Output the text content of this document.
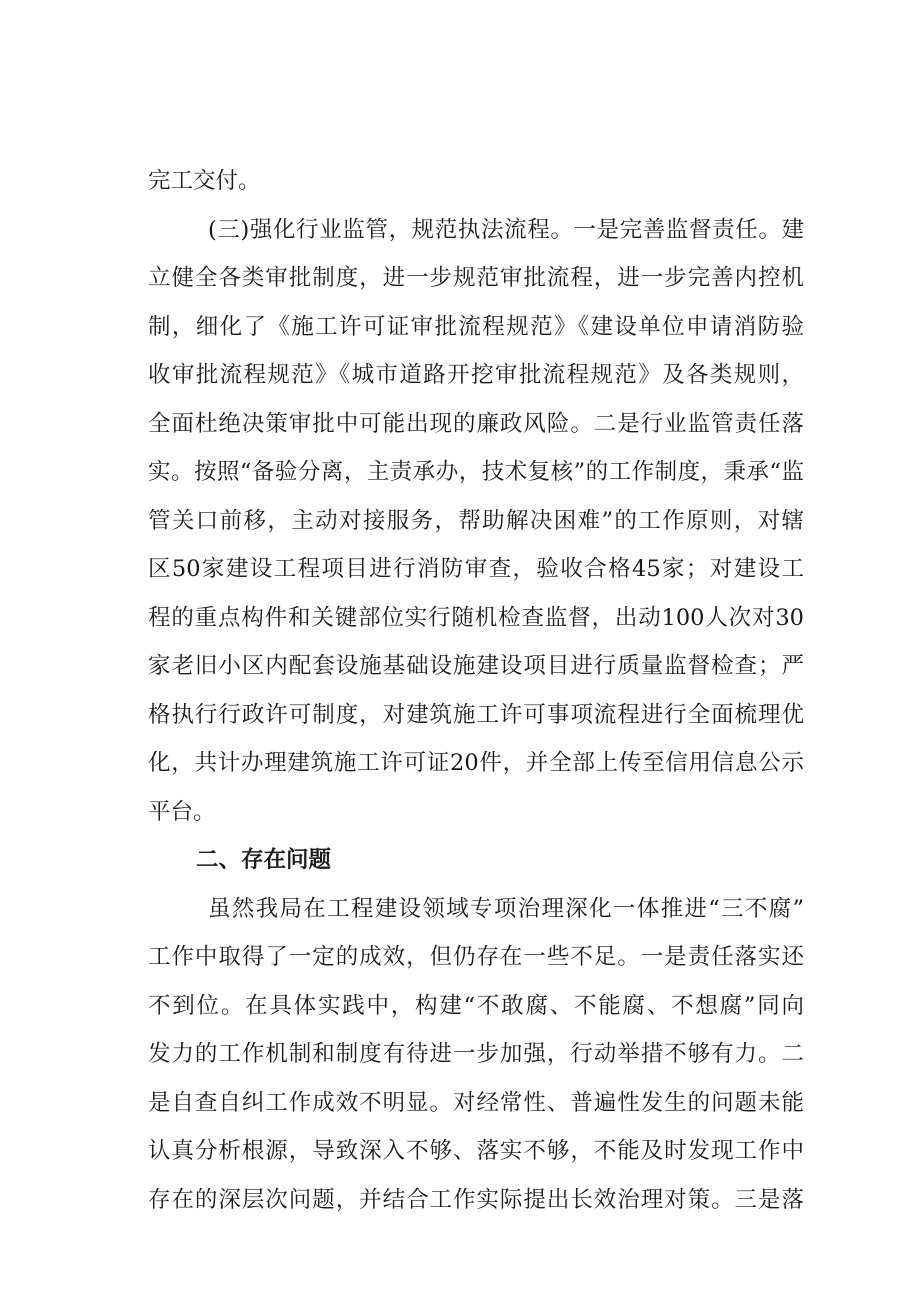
完工交付。
(三)强化行业监管，规范执法流程。一是完善监督责任。建
立健全各类审批制度，进一步规范审批流程，进一步完善内控机
制，细化了《施工许可证审批流程规范》《建设单位申请消防验
收审批流程规范》《城市道路开挖审批流程规范》及各类规则，
全面杜绝决策审批中可能出现的廉政风险。二是行业监管责任落
实。按照“备验分离，主责承办，技术复核”的工作制度，秉承“监
管关口前移，主动对接服务，帮助解决困难”的工作原则，对辖
区50家建设工程项目进行消防审查，验收合格45家；对建设工
程的重点构件和关键部位实行随机检查监督，出动100人次对30
家老旧小区内配套设施基础设施建设项目进行质量监督检查；严
格执行行政许可制度，对建筑施工许可事项流程进行全面梳理优
化，共计办理建筑施工许可证20件，并全部上传至信用信息公示
平台。
二、存在问题
虽然我局在工程建设领域专项治理深化一体推进“三不腐”
工作中取得了一定的成效，但仍存在一些不足。一是责任落实还
不到位。在具体实践中，构建“不敢腐、不能腐、不想腐”同向
发力的工作机制和制度有待进一步加强，行动举措不够有力。二
是自查自纠工作成效不明显。对经常性、普遍性发生的问题未能
认真分析根源，导致深入不够、落实不够，不能及时发现工作中
存在的深层次问题，并结合工作实际提出长效治理对策。三是落
